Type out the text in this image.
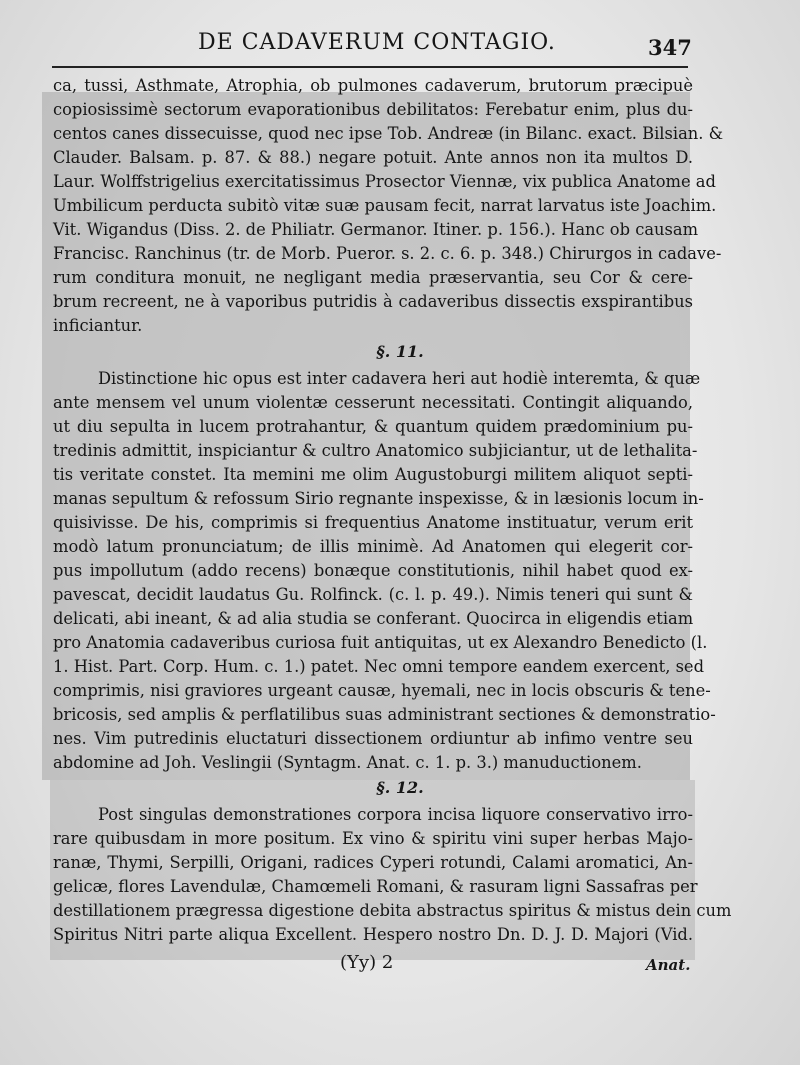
DE CADAVERUM CONTAGIO.	347
ca, tussi, Asthmate, Atrophia, ob pulmones cadaverum, brutorum præcipuè
copiosissimè sectorum evaporationibus debilitatos: Ferebatur enim, plus du-
centos canes dissecuisse, quod nec ipse Tob. Andreæ (in Bilanc. exact. Bilsian. &
Clauder. Balsam. p. 87. & 88.) negare potuit. Ante annos non ita multos D.
Laur. Wolffstrigelius exercitatissimus Prosector Viennæ, vix publica Anatome ad
Umbilicum perducta subitò vitæ suæ pausam fecit, narrat larvatus iste Joachim.
Vit. Wigandus (Diss. 2. de Philiatr. Germanor. Itiner. p. 156.). Hanc ob causam
Francisc. Ranchinus (tr. de Morb. Pueror. s. 2. c. 6. p. 348.) Chirurgos in cadave-
rum conditura monuit, ne negligant media præservantia, seu Cor & cere-
brum recreent, ne à vaporibus putridis à cadaveribus dissectis exspirantibus
inficiantur.
§. 11.
Distinctione hic opus est inter cadavera heri aut hodiè interemta, & quæ
ante mensem vel unum violentæ cesserunt necessitati. Contingit aliquando,
ut diu sepulta in lucem protrahantur, & quantum quidem prædominium pu-
tredinis admittit, inspiciantur & cultro Anatomico subjiciantur, ut de lethalita-
tis veritate constet. Ita memini me olim Augustoburgi militem aliquot septi-
manas sepultum & refossum Sirio regnante inspexisse, & in læsionis locum in-
quisivisse. De his, comprimis si frequentius Anatome instituatur, verum erit
modò latum pronunciatum; de illis minimè. Ad Anatomen qui elegerit cor-
pus impollutum (addo recens) bonæque constitutionis, nihil habet quod ex-
pavescat, decidit laudatus Gu. Rolfinck. (c. l. p. 49.). Nimis teneri qui sunt &
delicati, abi ineant, & ad alia studia se conferant. Quocirca in eligendis etiam
pro Anatomia cadaveribus curiosa fuit antiquitas, ut ex Alexandro Benedicto (l.
1. Hist. Part. Corp. Hum. c. 1.) patet. Nec omni tempore eandem exercent, sed
comprimis, nisi graviores urgeant causæ, hyemali, nec in locis obscuris & tene-
bricosis, sed amplis & perflatilibus suas administrant sectiones & demonstratio-
nes. Vim putredinis eluctaturi dissectionem ordiuntur ab infimo ventre seu
abdomine ad Joh. Veslingii (Syntagm. Anat. c. 1. p. 3.) manuductionem.
§. 12.
Post singulas demonstrationes corpora incisa liquore conservativo irro-
rare quibusdam in more positum. Ex vino & spiritu vini super herbas Majo-
ranæ, Thymi, Serpilli, Origani, radices Cyperi rotundi, Calami aromatici, An-
gelicæ, flores Lavendulæ, Chamœmeli Romani, & rasuram ligni Sassafras per
destillationem prægressa digestione debita abstractus spiritus & mistus dein cum
Spiritus Nitri parte aliqua Excellent. Hespero nostro Dn. D. J. D. Majori (Vid.
(Yy) 2	Anat.
